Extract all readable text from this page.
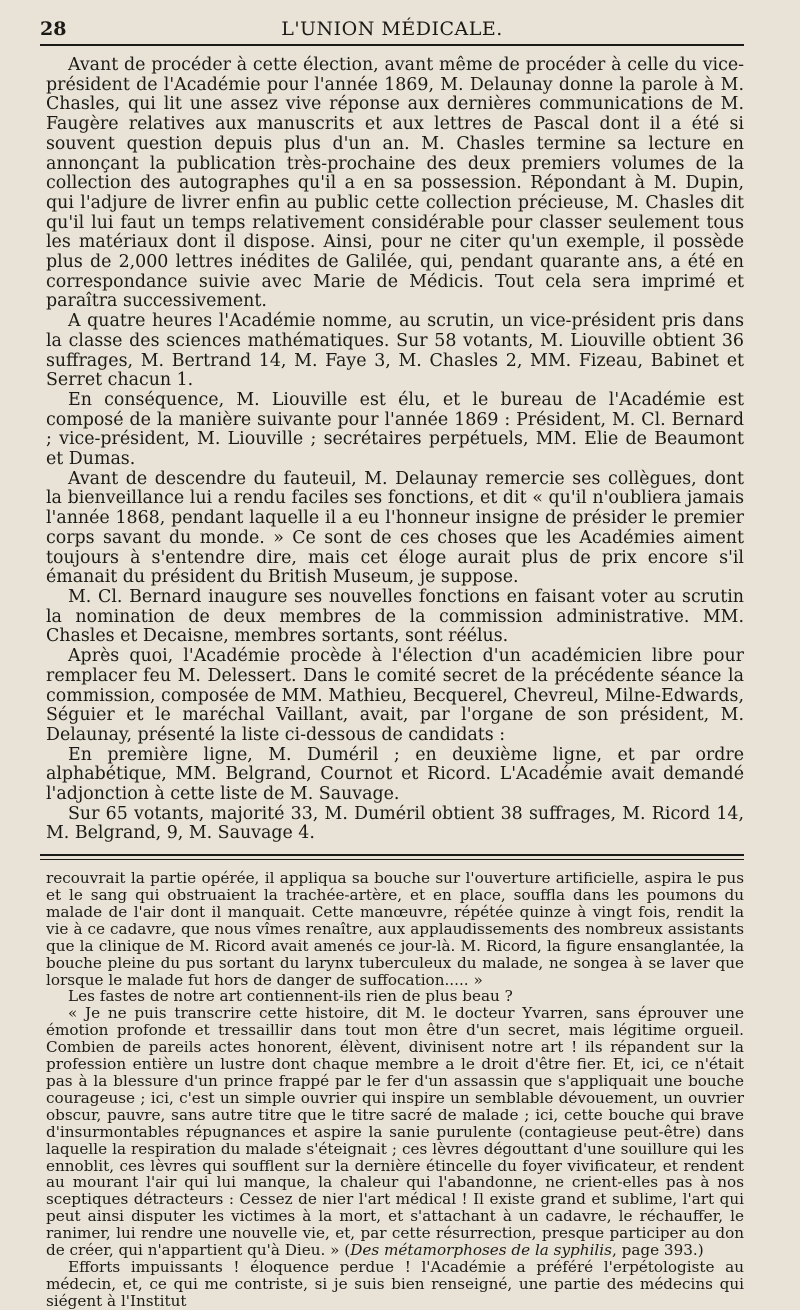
28	L'UNION MÉDICALE.

Avant de procéder à cette élection, avant même de procéder à celle du vice-président de l'Académie pour l'année 1869, M. Delaunay donne la parole à M. Chasles, qui lit une assez vive réponse aux dernières communications de M. Faugère relatives aux manuscrits et aux lettres de Pascal dont il a été si souvent question depuis plus d'un an. M. Chasles termine sa lecture en annonçant la publication très-prochaine des deux premiers volumes de la collection des autographes qu'il a en sa possession. Répondant à M. Dupin, qui l'adjure de livrer enfin au public cette collection précieuse, M. Chasles dit qu'il lui faut un temps relativement considérable pour classer seulement tous les matériaux dont il dispose. Ainsi, pour ne citer qu'un exemple, il possède plus de 2,000 lettres inédites de Galilée, qui, pendant quarante ans, a été en correspondance suivie avec Marie de Médicis. Tout cela sera imprimé et paraîtra successivement.

A quatre heures l'Académie nomme, au scrutin, un vice-président pris dans la classe des sciences mathématiques. Sur 58 votants, M. Liouville obtient 36 suffrages, M. Bertrand 14, M. Faye 3, M. Chasles 2, MM. Fizeau, Babinet et Serret chacun 1.

En conséquence, M. Liouville est élu, et le bureau de l'Académie est composé de la manière suivante pour l'année 1869 : Président, M. Cl. Bernard ; vice-président, M. Liouville ; secrétaires perpétuels, MM. Elie de Beaumont et Dumas.

Avant de descendre du fauteuil, M. Delaunay remercie ses collègues, dont la bienveillance lui a rendu faciles ses fonctions, et dit « qu'il n'oubliera jamais l'année 1868, pendant laquelle il a eu l'honneur insigne de présider le premier corps savant du monde. » Ce sont de ces choses que les Académies aiment toujours à s'entendre dire, mais cet éloge aurait plus de prix encore s'il émanait du président du British Museum, je suppose.

M. Cl. Bernard inaugure ses nouvelles fonctions en faisant voter au scrutin la nomination de deux membres de la commission administrative. MM. Chasles et Decaisne, membres sortants, sont réélus.

Après quoi, l'Académie procède à l'élection d'un académicien libre pour remplacer feu M. Delessert. Dans le comité secret de la précédente séance la commission, composée de MM. Mathieu, Becquerel, Chevreul, Milne-Edwards, Séguier et le maréchal Vaillant, avait, par l'organe de son président, M. Delaunay, présenté la liste ci-dessous de candidats :

En première ligne, M. Duméril ; en deuxième ligne, et par ordre alphabétique, MM. Belgrand, Cournot et Ricord. L'Académie avait demandé l'adjonction à cette liste de M. Sauvage.

Sur 65 votants, majorité 33, M. Duméril obtient 38 suffrages, M. Ricord 14, M. Belgrand, 9, M. Sauvage 4.

recouvrait la partie opérée, il appliqua sa bouche sur l'ouverture artificielle, aspira le pus et le sang qui obstruaient la trachée-artère, et en place, souffla dans les poumons du malade de l'air dont il manquait. Cette manœuvre, répétée quinze à vingt fois, rendit la vie à ce cadavre, que nous vîmes renaître, aux applaudissements des nombreux assistants que la clinique de M. Ricord avait amenés ce jour-là. M. Ricord, la figure ensanglantée, la bouche pleine du pus sortant du larynx tuberculeux du malade, ne songea à se laver que lorsque le malade fut hors de danger de suffocation..... »

Les fastes de notre art contiennent-ils rien de plus beau ?

« Je ne puis transcrire cette histoire, dit M. le docteur Yvarren, sans éprouver une émotion profonde et tressaillir dans tout mon être d'un secret, mais légitime orgueil. Combien de pareils actes honorent, élèvent, divinisent notre art ! ils répandent sur la profession entière un lustre dont chaque membre a le droit d'être fier. Et, ici, ce n'était pas à la blessure d'un prince frappé par le fer d'un assassin que s'appliquait une bouche courageuse ; ici, c'est un simple ouvrier qui inspire un semblable dévouement, un ouvrier obscur, pauvre, sans autre titre que le titre sacré de malade ; ici, cette bouche qui brave d'insurmontables répugnances et aspire la sanie purulente (contagieuse peut-être) dans laquelle la respiration du malade s'éteignait ; ces lèvres dégouttant d'une souillure qui les ennoblit, ces lèvres qui soufflent sur la dernière étincelle du foyer vivificateur, et rendent au mourant l'air qui lui manque, la chaleur qui l'abandonne, ne crient-elles pas à nos sceptiques détracteurs : Cessez de nier l'art médical ! Il existe grand et sublime, l'art qui peut ainsi disputer les victimes à la mort, et s'attachant à un cadavre, le réchauffer, le ranimer, lui rendre une nouvelle vie, et, par cette résurrection, presque participer au don de créer, qui n'appartient qu'à Dieu. » (Des métamorphoses de la syphilis, page 393.)

Efforts impuissants ! éloquence perdue ! l'Académie a préféré l'erpétologiste au médecin, et, ce qui me contriste, si je suis bien renseigné, une partie des médecins qui siégent à l'Institut
